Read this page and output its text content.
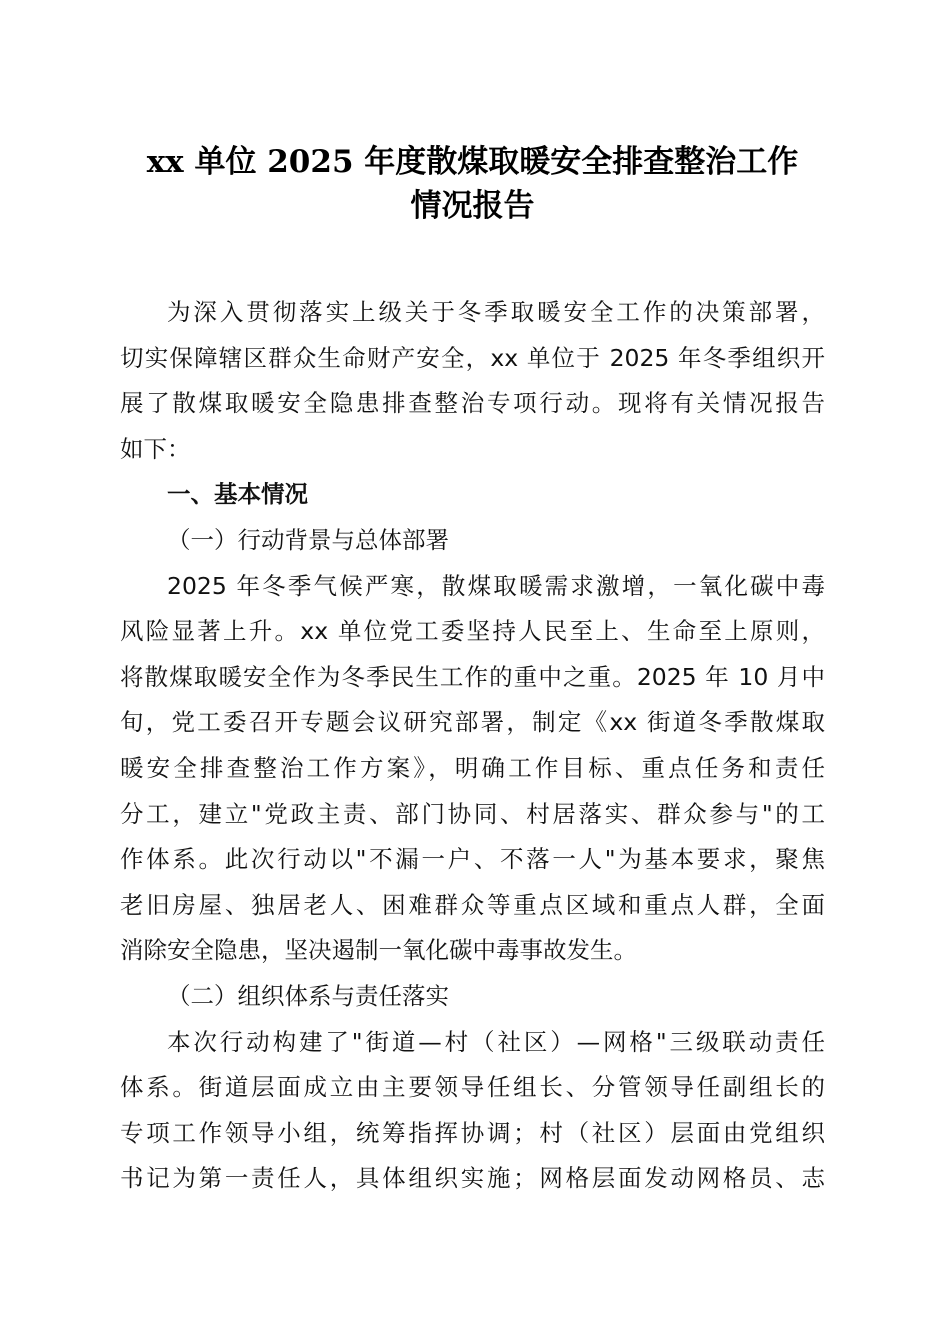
xx 单位 2025 年度散煤取暖安全排查整治工作
情况报告
为深入贯彻落实上级关于冬季取暖安全工作的决策部署，
切实保障辖区群众生命财产安全，xx 单位于 2025 年冬季组织开
展了散煤取暖安全隐患排查整治专项行动。现将有关情况报告
如下：
一、基本情况
（一）行动背景与总体部署
2025 年冬季气候严寒，散煤取暖需求激增，一氧化碳中毒
风险显著上升。xx 单位党工委坚持人民至上、生命至上原则，
将散煤取暖安全作为冬季民生工作的重中之重。2025 年 10 月中
旬，党工委召开专题会议研究部署，制定《xx 街道冬季散煤取
暖安全排查整治工作方案》，明确工作目标、重点任务和责任
分工，建立"党政主责、部门协同、村居落实、群众参与"的工
作体系。此次行动以"不漏一户、不落一人"为基本要求，聚焦
老旧房屋、独居老人、困难群众等重点区域和重点人群，全面
消除安全隐患，坚决遏制一氧化碳中毒事故发生。
（二）组织体系与责任落实
本次行动构建了"街道—村（社区）—网格"三级联动责任
体系。街道层面成立由主要领导任组长、分管领导任副组长的
专项工作领导小组，统筹指挥协调；村（社区）层面由党组织
书记为第一责任人，具体组织实施；网格层面发动网格员、志
